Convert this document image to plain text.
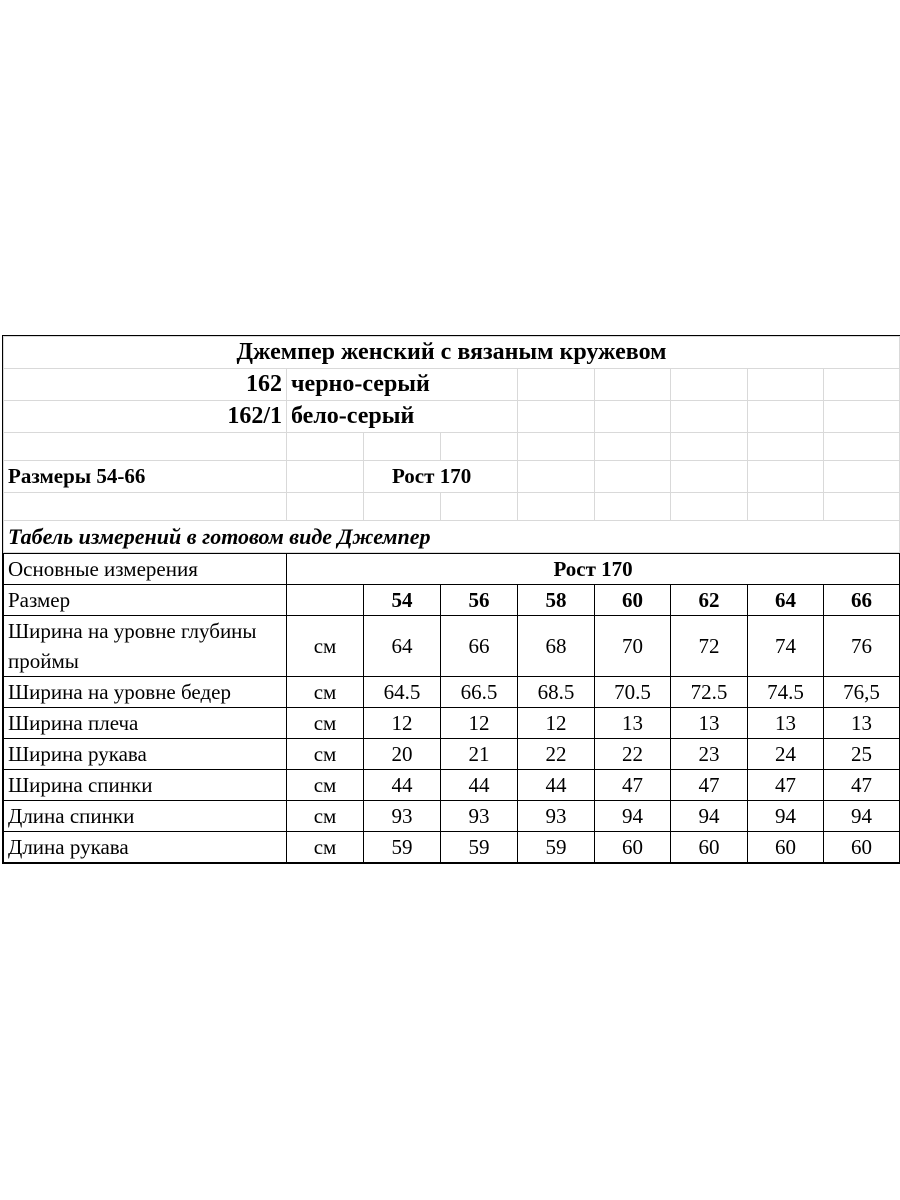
Джемпер женский с вязаным кружевом								
162	черно-серый							
162/1	бело-серый							

Размеры 54-66		Рост 170						

Табель измерений в готовом виде Джемпер								
Основные измерения	Рост 170							
Размер		54	56	58	60	62	64	66
Ширина на уровне глубины проймы	см	64	66	68	70	72	74	76
Ширина на уровне бедер	см	64.5	66.5	68.5	70.5	72.5	74.5	76,5
Ширина плеча	см	12	12	12	13	13	13	13
Ширина рукава	см	20	21	22	22	23	24	25
Ширина спинки	см	44	44	44	47	47	47	47
Длина спинки	см	93	93	93	94	94	94	94
Длина рукава	см	59	59	59	60	60	60	60
